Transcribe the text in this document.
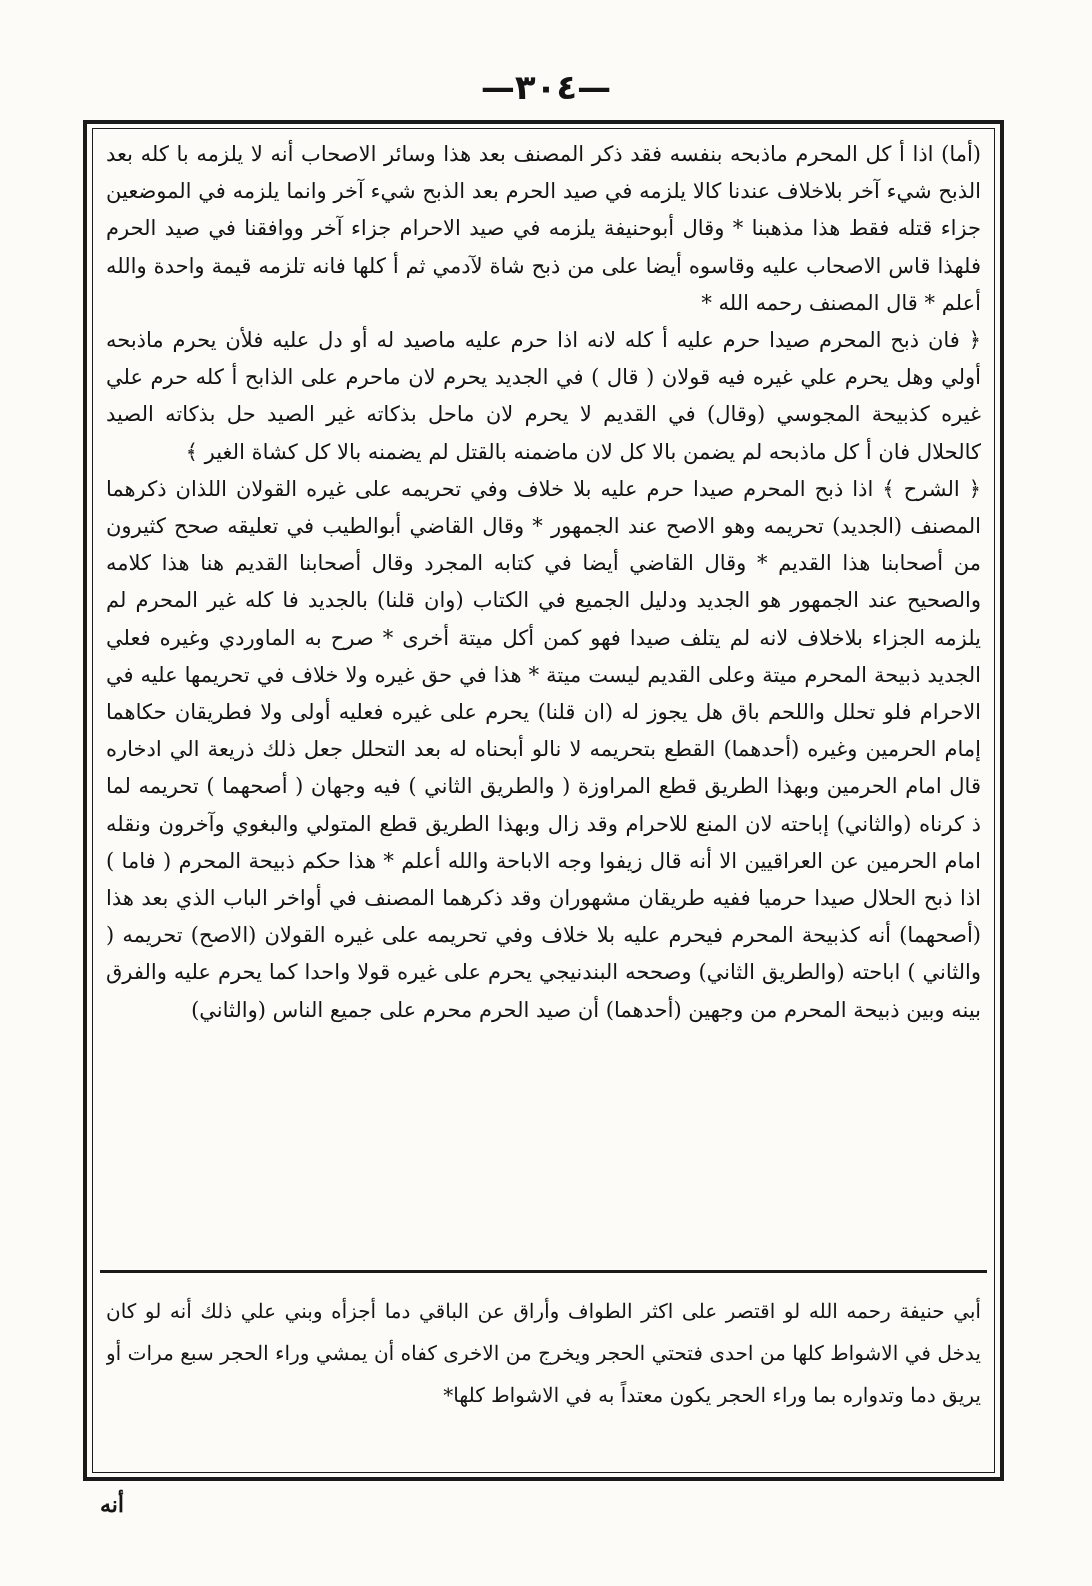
—٣٠٤—

(أما) اذا أ كل المحرم ماذبحه بنفسه فقد ذكر المصنف بعد هذا وسائر الاصحاب أنه لا يلزمه با كله بعد الذبح شيء آخر بلاخلاف عندنا كالا يلزمه في صيد الحرم بعد الذبح شيء آخر وانما يلزمه في الموضعين جزاء قتله فقط هذا مذهبنا * وقال أبوحنيفة يلزمه في صيد الاحرام جزاء آخر ووافقنا في صيد الحرم فلهذا قاس الاصحاب عليه وقاسوه أيضا على من ذبح شاة لآدمي ثم أ كلها فانه تلزمه قيمة واحدة والله أعلم * قال المصنف رحمه الله *

﴿ فان ذبح المحرم صيدا حرم عليه أ كله لانه اذا حرم عليه ماصيد له أو دل عليه فلأن يحرم ماذبحه أولي وهل يحرم علي غيره فيه قولان ( قال ) في الجديد يحرم لان ماحرم على الذابح أ كله حرم علي غيره كذبيحة المجوسي (وقال) في القديم لا يحرم لان ماحل بذكاته غير الصيد حل بذكاته الصيد كالحلال فان أ كل ماذبحه لم يضمن بالا كل لان ماضمنه بالقتل لم يضمنه بالا كل كشاة الغير ﴾

﴿ الشرح ﴾ اذا ذبح المحرم صيدا حرم عليه بلا خلاف وفي تحريمه على غيره القولان اللذان ذكرهما المصنف (الجديد) تحريمه وهو الاصح عند الجمهور * وقال القاضي أبوالطيب في تعليقه صحح كثيرون من أصحابنا هذا القديم * وقال القاضي أيضا في كتابه المجرد وقال أصحابنا القديم هنا هذا كلامه والصحيح عند الجمهور هو الجديد ودليل الجميع في الكتاب (وان قلنا) بالجديد فا كله غير المحرم لم يلزمه الجزاء بلاخلاف لانه لم يتلف صيدا فهو كمن أكل ميتة أخرى * صرح به الماوردي وغيره فعلي الجديد ذبيحة المحرم ميتة وعلى القديم ليست ميتة * هذا في حق غيره ولا خلاف في تحريمها عليه في الاحرام فلو تحلل واللحم باق هل يجوز له (ان قلنا) يحرم على غيره فعليه أولى ولا فطريقان حكاهما إمام الحرمين وغيره (أحدهما) القطع بتحريمه لا نالو أبحناه له بعد التحلل جعل ذلك ذريعة الي ادخاره قال امام الحرمين وبهذا الطريق قطع المراوزة ( والطريق الثاني ) فيه وجهان ( أصحهما ) تحريمه لما ذ كرناه (والثاني) إباحته لان المنع للاحرام وقد زال وبهذا الطريق قطع المتولي والبغوي وآخرون ونقله امام الحرمين عن العراقيين الا أنه قال زيفوا وجه الاباحة والله أعلم * هذا حكم ذبيحة المحرم ( فاما ) اذا ذبح الحلال صيدا حرميا ففيه طريقان مشهوران وقد ذكرهما المصنف في أواخر الباب الذي بعد هذا (أصحهما) أنه كذبيحة المحرم فيحرم عليه بلا خلاف وفي تحريمه على غيره القولان (الاصح) تحريمه ( والثاني ) اباحته (والطريق الثاني) وصححه البندنيجي يحرم على غيره قولا واحدا كما يحرم عليه والفرق بينه وبين ذبيحة المحرم من وجهين (أحدهما) أن صيد الحرم محرم على جميع الناس (والثاني)

أبي حنيفة رحمه الله لو اقتصر على اكثر الطواف وأراق عن الباقي دما أجزأه وبني علي ذلك أنه لو كان يدخل في الاشواط كلها من احدى فتحتي الحجر ويخرج من الاخرى كفاه أن يمشي وراء الحجر سبع مرات أو يريق دما وتدواره بما وراء الحجر يكون معتداً به في الاشواط كلها*

أنه
